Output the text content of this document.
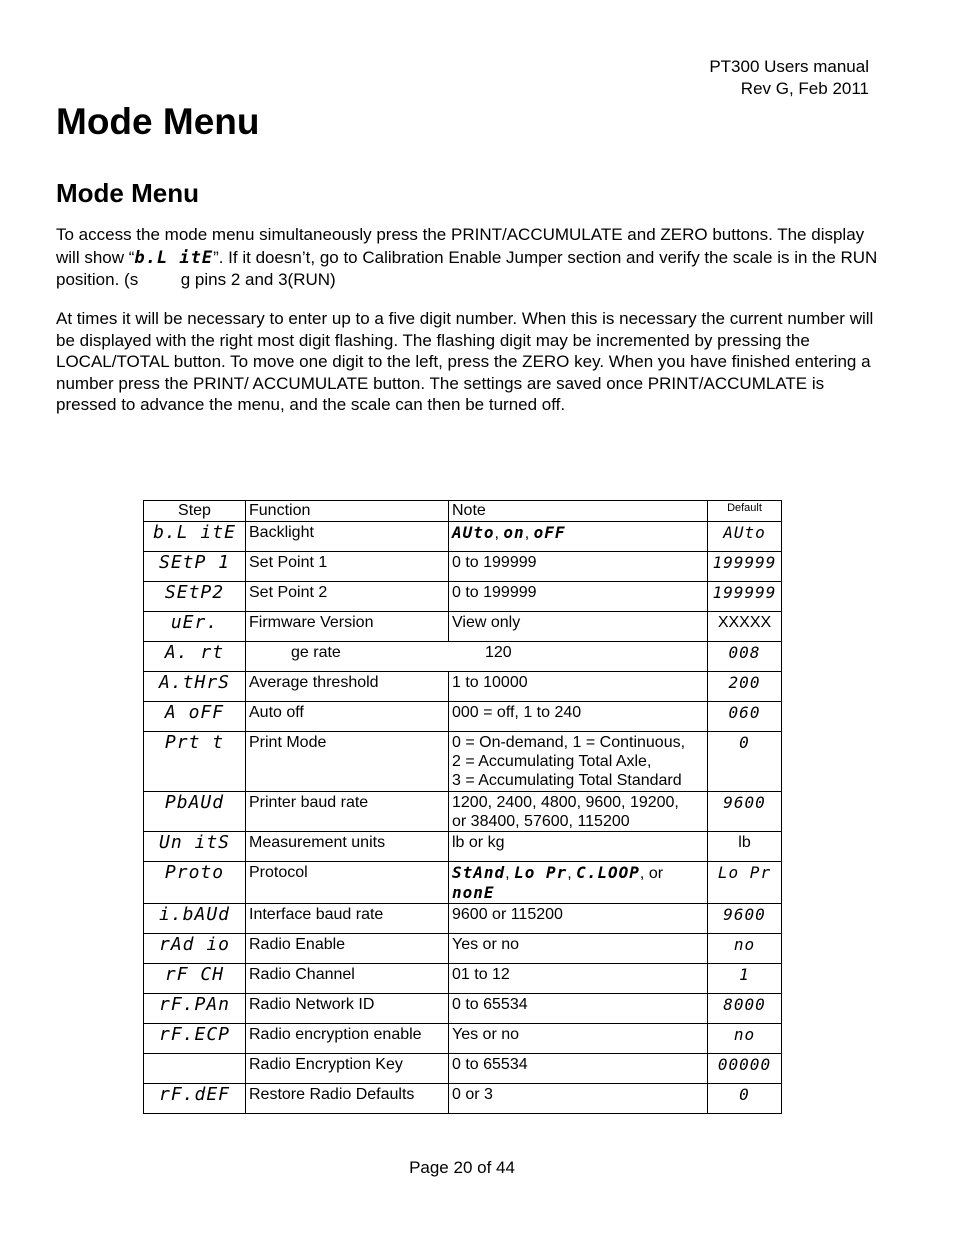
PT300 Users manual
Rev G, Feb 2011
Mode Menu
Mode Menu

To access the mode menu simultaneously press the PRINT/ACCUMULATE and ZERO buttons. The display will show “b.L itE”. If it doesn’t, go to Calibration Enable Jumper section and verify the scale is in the RUN position. (shorting pins 2 and 3(RUN)

At times it will be necessary to enter up to a five digit number. When this is necessary the current number will be displayed with the right most digit flashing. The flashing digit may be incremented by pressing the LOCAL/TOTAL button. To move one digit to the left, press the ZERO key. When you have finished entering a number press the PRINT/ ACCUMULATE button. The settings are saved once PRINT/ACCUMLATE is pressed to advance the menu, and the scale can then be turned off.

Step	Function	Note	Default
b.L itE	Backlight	AUto, on, oFF	AUto
SEtP 1	Set Point 1	0 to 199999	199999
SEtP2	Set Point 2	0 to 199999	199999
uEr.	Firmware Version	View only	XXXXX
A. rt	ge rate	120	008
A.tHrS	Average threshold	1 to 10000	200
A oFF	Auto off	000 = off, 1 to 240	060
Prt t	Print Mode	0 = On-demand, 1 = Continuous,
2 = Accumulating Total Axle,
3 = Accumulating Total Standard	0
PbAUd	Printer baud rate	1200, 2400, 4800, 9600, 19200,
or 38400, 57600, 115200	9600
Un itS	Measurement units	lb or kg	lb
Proto	Protocol	StAnd, Lo Pr, C.LOOP, or nonE	Lo Pr
i.bAUd	Interface baud rate	9600 or 115200	9600
rAd io	Radio Enable	Yes or no	no
rF CH	Radio Channel	01 to 12	1
rF.PAn	Radio Network ID	0 to 65534	8000
rF.ECP	Radio encryption enable	Yes or no	no
	Radio Encryption Key	0 to 65534	00000
rF.dEF	Restore Radio Defaults	0 or 3	0
Page 20 of 44
